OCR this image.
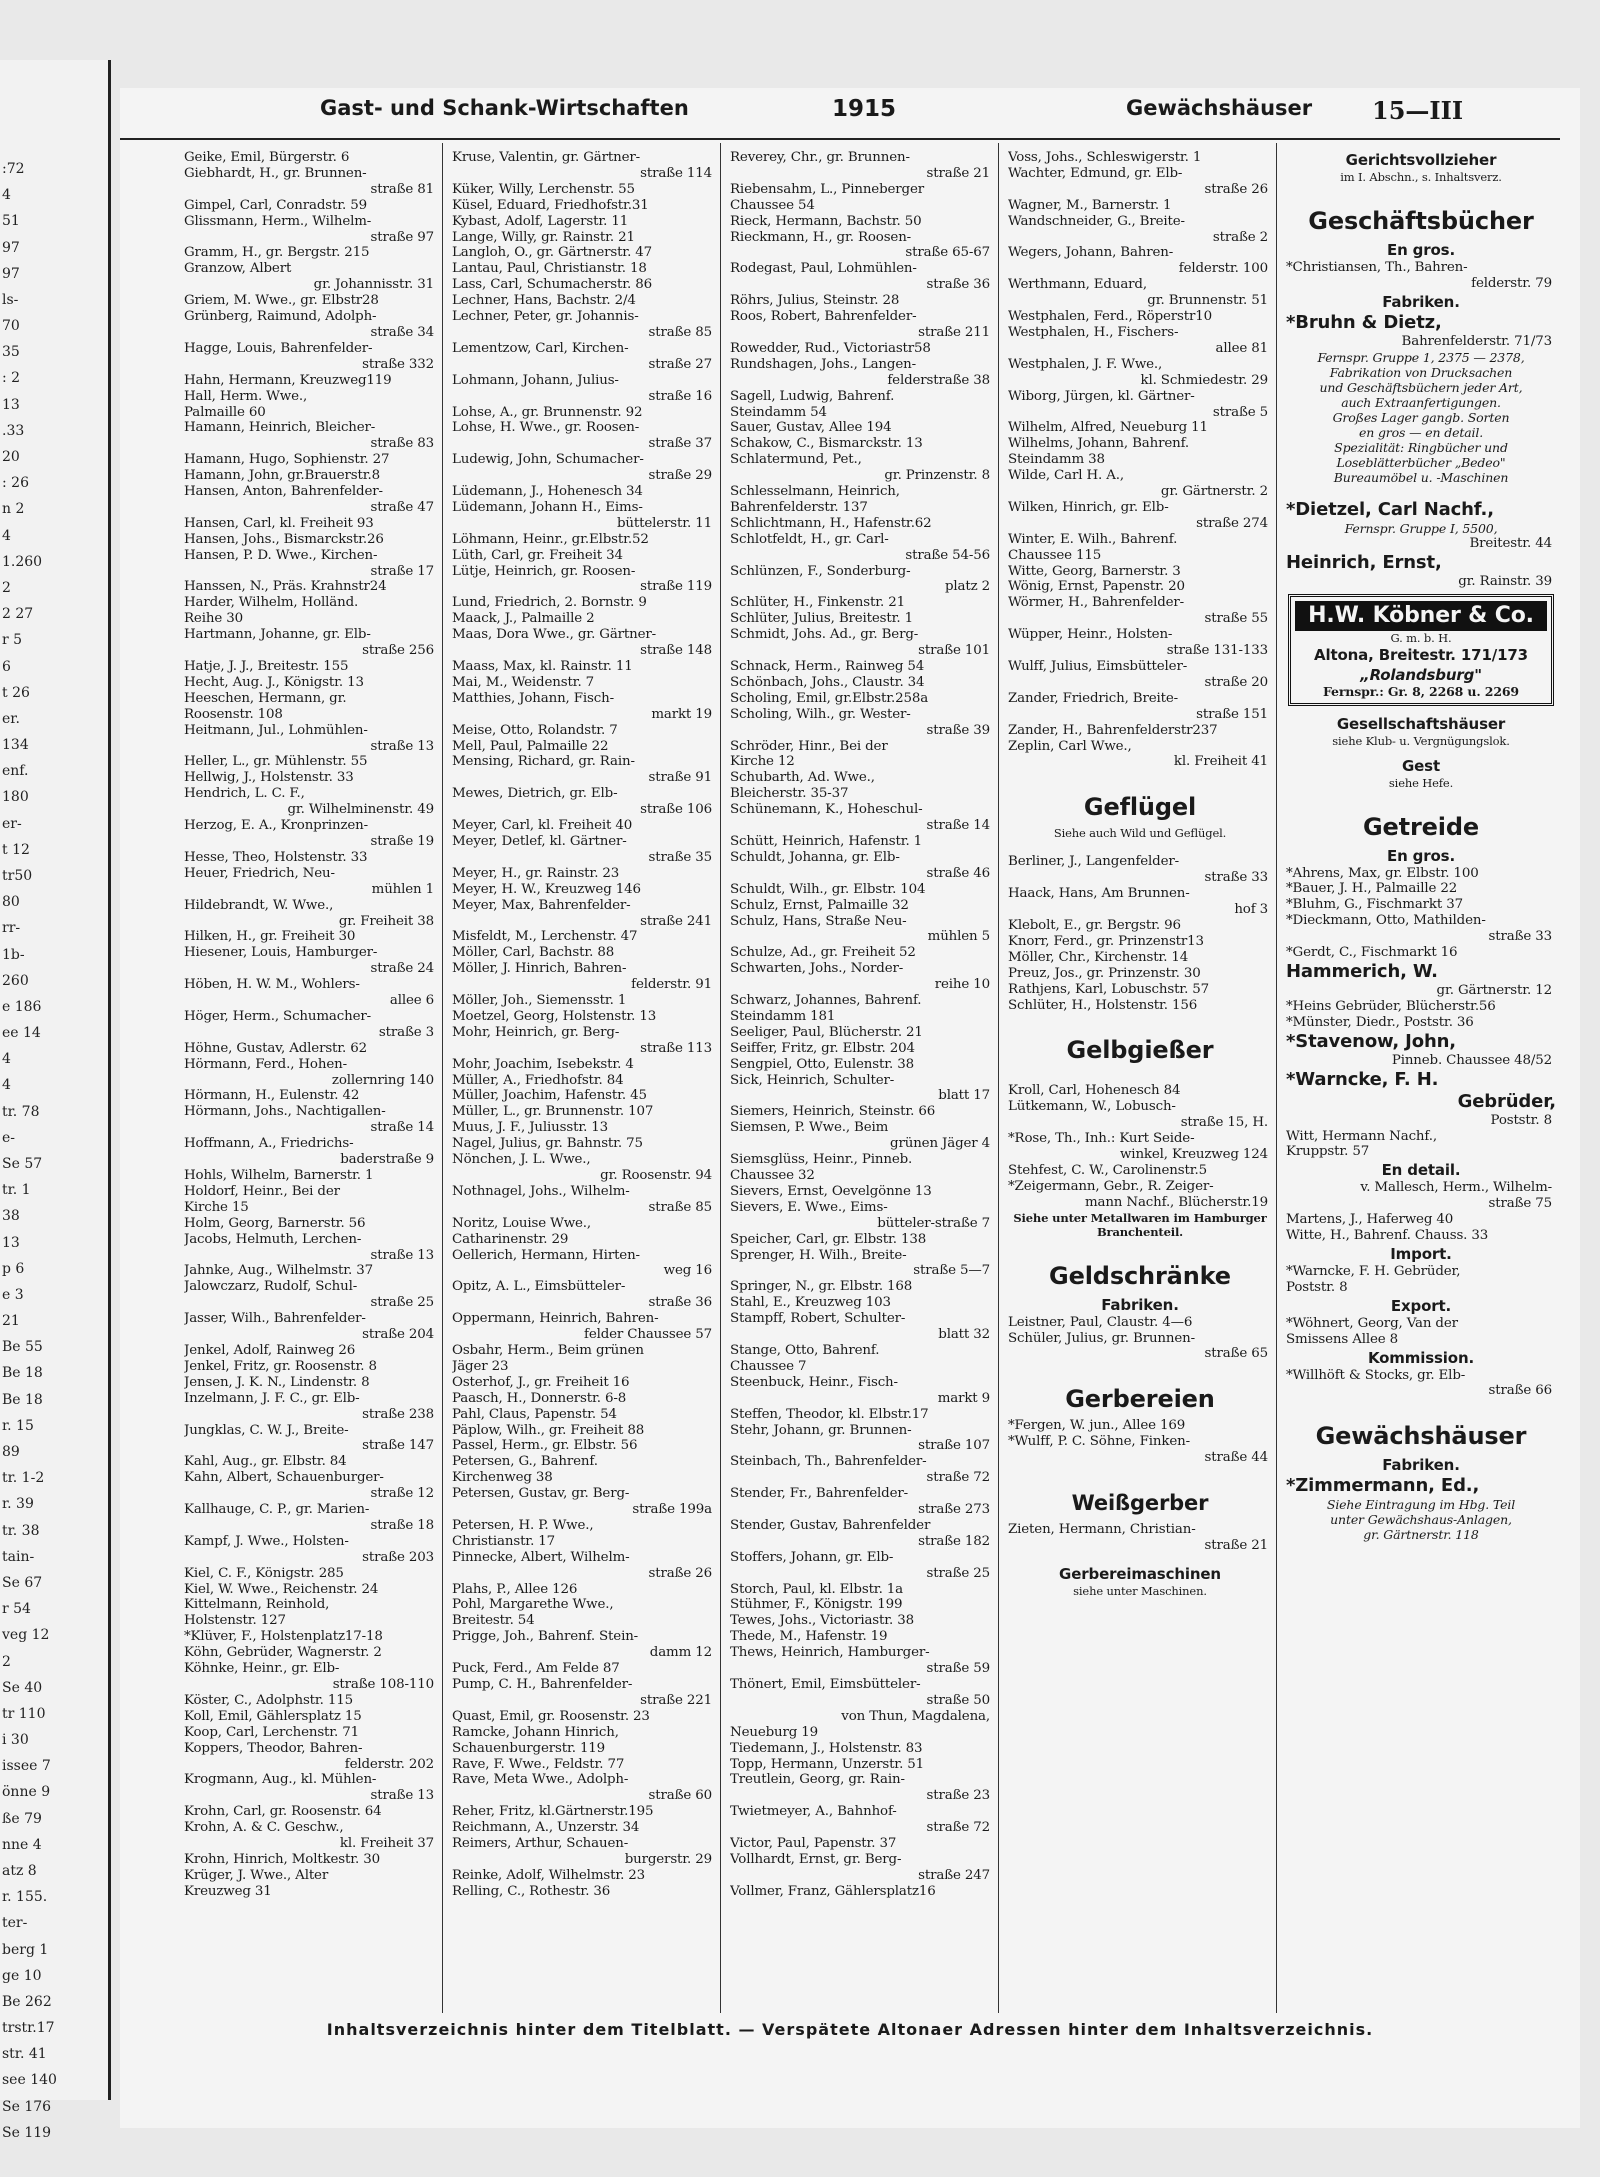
:72
4
51
97
97
ls-
70
35
: 2
13
.33
20
: 26
n 2
4
1.260
2
2 27
r 5
6
t 26
er.
134
enf.
180
er-
t 12
tr50
80
rr-
1b-
260
e 186
ee 14
4
4
tr. 78
e-
Se 57
tr. 1
38
13
p 6
e 3
21
Be 55
Be 18
Be 18
r. 15
89
tr. 1-2
r. 39
tr. 38
tain-
Se 67
r 54
veg 12
2
Se 40
tr 110
i 30
issee 7
önne 9
ße 79
nne 4
atz 8
r. 155.
ter-
berg 1
ge 10
Be 262
trstr.17
str. 41
see 140
Se 176
Se 119
Gast- und Schank-Wirtschaften	1915	Gewächshäuser 15—III
Geike, Emil, Bürgerstr. 6
Giebhardt, H., gr. Brunnen-
straße 81
Gimpel, Carl, Conradstr. 59
Glissmann, Herm., Wilhelm-
straße 97
Gramm, H., gr. Bergstr. 215
Granzow, Albert
gr. Johannisstr. 31
Griem, M. Wwe., gr. Elbstr28
Grünberg, Raimund, Adolph-
straße 34
Hagge, Louis, Bahrenfelder-
straße 332
Hahn, Hermann, Kreuzweg119
Hall, Herm. Wwe.,
Palmaille 60
Hamann, Heinrich, Bleicher-
straße 83
Hamann, Hugo, Sophienstr. 27
Hamann, John, gr.Brauerstr.8
Hansen, Anton, Bahrenfelder-
straße 47
Hansen, Carl, kl. Freiheit 93
Hansen, Johs., Bismarckstr.26
Hansen, P. D. Wwe., Kirchen-
straße 17
Hanssen, N., Präs. Krahnstr24
Harder, Wilhelm, Holländ.
Reihe 30
Hartmann, Johanne, gr. Elb-
straße 256
Hatje, J. J., Breitestr. 155
Hecht, Aug. J., Königstr. 13
Heeschen, Hermann, gr.
Roosenstr. 108
Heitmann, Jul., Lohmühlen-
straße 13
Heller, L., gr. Mühlenstr. 55
Hellwig, J., Holstenstr. 33
Hendrich, L. C. F.,
gr. Wilhelminenstr. 49
Herzog, E. A., Kronprinzen-
straße 19
Hesse, Theo, Holstenstr. 33
Heuer, Friedrich, Neu-
mühlen 1
Hildebrandt, W. Wwe.,
gr. Freiheit 38
Hilken, H., gr. Freiheit 30
Hiesener, Louis, Hamburger-
straße 24
Höben, H. W. M., Wohlers-
allee 6
Höger, Herm., Schumacher-
straße 3
Höhne, Gustav, Adlerstr. 62
Hörmann, Ferd., Hohen-
zollernring 140
Hörmann, H., Eulenstr. 42
Hörmann, Johs., Nachtigallen-
straße 14
Hoffmann, A., Friedrichs-
baderstraße 9
Hohls, Wilhelm, Barnerstr. 1
Holdorf, Heinr., Bei der
Kirche 15
Holm, Georg, Barnerstr. 56
Jacobs, Helmuth, Lerchen-
straße 13
Jahnke, Aug., Wilhelmstr. 37
Jalowczarz, Rudolf, Schul-
straße 25
Jasser, Wilh., Bahrenfelder-
straße 204
Jenkel, Adolf, Rainweg 26
Jenkel, Fritz, gr. Roosenstr. 8
Jensen, J. K. N., Lindenstr. 8
Inzelmann, J. F. C., gr. Elb-
straße 238
Jungklas, C. W. J., Breite-
straße 147
Kahl, Aug., gr. Elbstr. 84
Kahn, Albert, Schauenburger-
straße 12
Kallhauge, C. P., gr. Marien-
straße 18
Kampf, J. Wwe., Holsten-
straße 203
Kiel, C. F., Königstr. 285
Kiel, W. Wwe., Reichenstr. 24
Kittelmann, Reinhold,
Holstenstr. 127
*Klüver, F., Holstenplatz17-18
Köhn, Gebrüder, Wagnerstr. 2
Köhnke, Heinr., gr. Elb-
straße 108-110
Köster, C., Adolphstr. 115
Koll, Emil, Gählersplatz 15
Koop, Carl, Lerchenstr. 71
Koppers, Theodor, Bahren-
felderstr. 202
Krogmann, Aug., kl. Mühlen-
straße 13
Krohn, Carl, gr. Roosenstr. 64
Krohn, A. & C. Geschw.,
kl. Freiheit 37
Krohn, Hinrich, Moltkestr. 30
Krüger, J. Wwe., Alter
Kreuzweg 31
Kruse, Valentin, gr. Gärtner-
straße 114
Küker, Willy, Lerchenstr. 55
Küsel, Eduard, Friedhofstr.31
Kybast, Adolf, Lagerstr. 11
Lange, Willy, gr. Rainstr. 21
Langloh, O., gr. Gärtnerstr. 47
Lantau, Paul, Christianstr. 18
Lass, Carl, Schumacherstr. 86
Lechner, Hans, Bachstr. 2/4
Lechner, Peter, gr. Johannis-
straße 85
Lementzow, Carl, Kirchen-
straße 27
Lohmann, Johann, Julius-
straße 16
Lohse, A., gr. Brunnenstr. 92
Lohse, H. Wwe., gr. Roosen-
straße 37
Ludewig, John, Schumacher-
straße 29
Lüdemann, J., Hohenesch 34
Lüdemann, Johann H., Eims-
büttelerstr. 11
Löhmann, Heinr., gr.Elbstr.52
Lüth, Carl, gr. Freiheit 34
Lütje, Heinrich, gr. Roosen-
straße 119
Lund, Friedrich, 2. Bornstr. 9
Maack, J., Palmaille 2
Maas, Dora Wwe., gr. Gärtner-
straße 148
Maass, Max, kl. Rainstr. 11
Mai, M., Weidenstr. 7
Matthies, Johann, Fisch-
markt 19
Meise, Otto, Rolandstr. 7
Mell, Paul, Palmaille 22
Mensing, Richard, gr. Rain-
straße 91
Mewes, Dietrich, gr. Elb-
straße 106
Meyer, Carl, kl. Freiheit 40
Meyer, Detlef, kl. Gärtner-
straße 35
Meyer, H., gr. Rainstr. 23
Meyer, H. W., Kreuzweg 146
Meyer, Max, Bahrenfelder-
straße 241
Misfeldt, M., Lerchenstr. 47
Möller, Carl, Bachstr. 88
Möller, J. Hinrich, Bahren-
felderstr. 91
Möller, Joh., Siemensstr. 1
Moetzel, Georg, Holstenstr. 13
Mohr, Heinrich, gr. Berg-
straße 113
Mohr, Joachim, Isebekstr. 4
Müller, A., Friedhofstr. 84
Müller, Joachim, Hafenstr. 45
Müller, L., gr. Brunnenstr. 107
Muus, J. F., Juliusstr. 13
Nagel, Julius, gr. Bahnstr. 75
Nönchen, J. L. Wwe.,
gr. Roosenstr. 94
Nothnagel, Johs., Wilhelm-
straße 85
Noritz, Louise Wwe.,
Catharinenstr. 29
Oellerich, Hermann, Hirten-
weg 16
Opitz, A. L., Eimsbütteler-
straße 36
Oppermann, Heinrich, Bahren-
felder Chaussee 57
Osbahr, Herm., Beim grünen
Jäger 23
Osterhof, J., gr. Freiheit 16
Paasch, H., Donnerstr. 6-8
Pahl, Claus, Papenstr. 54
Päplow, Wilh., gr. Freiheit 88
Passel, Herm., gr. Elbstr. 56
Petersen, G., Bahrenf.
Kirchenweg 38
Petersen, Gustav, gr. Berg-
straße 199a
Petersen, H. P. Wwe.,
Christianstr. 17
Pinnecke, Albert, Wilhelm-
straße 26
Plahs, P., Allee 126
Pohl, Margarethe Wwe.,
Breitestr. 54
Prigge, Joh., Bahrenf. Stein-
damm 12
Puck, Ferd., Am Felde 87
Pump, C. H., Bahrenfelder-
straße 221
Quast, Emil, gr. Roosenstr. 23
Ramcke, Johann Hinrich,
Schauenburgerstr. 119
Rave, F. Wwe., Feldstr. 77
Rave, Meta Wwe., Adolph-
straße 60
Reher, Fritz, kl.Gärtnerstr.195
Reichmann, A., Unzerstr. 34
Reimers, Arthur, Schauen-
burgerstr. 29
Reinke, Adolf, Wilhelmstr. 23
Relling, C., Rothestr. 36
Reverey, Chr., gr. Brunnen-
straße 21
Riebensahm, L., Pinneberger
Chaussee 54
Rieck, Hermann, Bachstr. 50
Rieckmann, H., gr. Roosen-
straße 65-67
Rodegast, Paul, Lohmühlen-
straße 36
Röhrs, Julius, Steinstr. 28
Roos, Robert, Bahrenfelder-
straße 211
Rowedder, Rud., Victoriastr58
Rundshagen, Johs., Langen-
felderstraße 38
Sagell, Ludwig, Bahrenf.
Steindamm 54
Sauer, Gustav, Allee 194
Schakow, C., Bismarckstr. 13
Schlatermund, Pet.,
gr. Prinzenstr. 8
Schlesselmann, Heinrich,
Bahrenfelderstr. 137
Schlichtmann, H., Hafenstr.62
Schlotfeldt, H., gr. Carl-
straße 54-56
Schlünzen, F., Sonderburg-
platz 2
Schlüter, H., Finkenstr. 21
Schlüter, Julius, Breitestr. 1
Schmidt, Johs. Ad., gr. Berg-
straße 101
Schnack, Herm., Rainweg 54
Schönbach, Johs., Claustr. 34
Scholing, Emil, gr.Elbstr.258a
Scholing, Wilh., gr. Wester-
straße 39
Schröder, Hinr., Bei der
Kirche 12
Schubarth, Ad. Wwe.,
Bleicherstr. 35-37
Schünemann, K., Hoheschul-
straße 14
Schütt, Heinrich, Hafenstr. 1
Schuldt, Johanna, gr. Elb-
straße 46
Schuldt, Wilh., gr. Elbstr. 104
Schulz, Ernst, Palmaille 32
Schulz, Hans, Straße Neu-
mühlen 5
Schulze, Ad., gr. Freiheit 52
Schwarten, Johs., Norder-
reihe 10
Schwarz, Johannes, Bahrenf.
Steindamm 181
Seeliger, Paul, Blücherstr. 21
Seiffer, Fritz, gr. Elbstr. 204
Sengpiel, Otto, Eulenstr. 38
Sick, Heinrich, Schulter-
blatt 17
Siemers, Heinrich, Steinstr. 66
Siemsen, P. Wwe., Beim
grünen Jäger 4
Siemsglüss, Heinr., Pinneb.
Chaussee 32
Sievers, Ernst, Oevelgönne 13
Sievers, E. Wwe., Eims-
bütteler-straße 7
Speicher, Carl, gr. Elbstr. 138
Sprenger, H. Wilh., Breite-
straße 5—7
Springer, N., gr. Elbstr. 168
Stahl, E., Kreuzweg 103
Stampff, Robert, Schulter-
blatt 32
Stange, Otto, Bahrenf.
Chaussee 7
Steenbuck, Heinr., Fisch-
markt 9
Steffen, Theodor, kl. Elbstr.17
Stehr, Johann, gr. Brunnen-
straße 107
Steinbach, Th., Bahrenfelder-
straße 72
Stender, Fr., Bahrenfelder-
straße 273
Stender, Gustav, Bahrenfelder
straße 182
Stoffers, Johann, gr. Elb-
straße 25
Storch, Paul, kl. Elbstr. 1a
Stühmer, F., Königstr. 199
Tewes, Johs., Victoriastr. 38
Thede, M., Hafenstr. 19
Thews, Heinrich, Hamburger-
straße 59
Thönert, Emil, Eimsbütteler-
straße 50
von Thun, Magdalena,
Neueburg 19
Tiedemann, J., Holstenstr. 83
Topp, Hermann, Unzerstr. 51
Treutlein, Georg, gr. Rain-
straße 23
Twietmeyer, A., Bahnhof-
straße 72
Victor, Paul, Papenstr. 37
Vollhardt, Ernst, gr. Berg-
straße 247
Vollmer, Franz, Gählersplatz16
Voss, Johs., Schleswigerstr. 1
Wachter, Edmund, gr. Elb-
straße 26
Wagner, M., Barnerstr. 1
Wandschneider, G., Breite-
straße 2
Wegers, Johann, Bahren-
felderstr. 100
Werthmann, Eduard,
gr. Brunnenstr. 51
Westphalen, Ferd., Röperstr10
Westphalen, H., Fischers-
allee 81
Westphalen, J. F. Wwe.,
kl. Schmiedestr. 29
Wiborg, Jürgen, kl. Gärtner-
straße 5
Wilhelm, Alfred, Neueburg 11
Wilhelms, Johann, Bahrenf.
Steindamm 38
Wilde, Carl H. A.,
gr. Gärtnerstr. 2
Wilken, Hinrich, gr. Elb-
straße 274
Winter, E. Wilh., Bahrenf.
Chaussee 115
Witte, Georg, Barnerstr. 3
Wönig, Ernst, Papenstr. 20
Wörmer, H., Bahrenfelder-
straße 55
Wüpper, Heinr., Holsten-
straße 131-133
Wulff, Julius, Eimsbütteler-
straße 20
Zander, Friedrich, Breite-
straße 151
Zander, H., Bahrenfelderstr237
Zeplin, Carl Wwe.,
kl. Freiheit 41
Geflügel
Siehe auch Wild und Geflügel.
Berliner, J., Langenfelder-
straße 33
Haack, Hans, Am Brunnen-
hof 3
Klebolt, E., gr. Bergstr. 96
Knorr, Ferd., gr. Prinzenstr13
Möller, Chr., Kirchenstr. 14
Preuz, Jos., gr. Prinzenstr. 30
Rathjens, Karl, Lobuschstr. 57
Schlüter, H., Holstenstr. 156
Gelbgießer
Kroll, Carl, Hohenesch 84
Lütkemann, W., Lobusch-
straße 15, H.
*Rose, Th., Inh.: Kurt Seide-
winkel, Kreuzweg 124
Stehfest, C. W., Carolinenstr.5
*Zeigermann, Gebr., R. Zeiger-
mann Nachf., Blücherstr.19
Siehe unter Metallwaren im Hamburger Branchenteil.
Geldschränke
Fabriken.
Leistner, Paul, Claustr. 4—6
Schüler, Julius, gr. Brunnen-
straße 65
Gerbereien
*Fergen, W. jun., Allee 169
*Wulff, P. C. Söhne, Finken-
straße 44
Weißgerber
Zieten, Hermann, Christian-
straße 21
Gerbereimaschinen
siehe unter Maschinen.
Gerichtsvollzieher
im I. Abschn., s. Inhaltsverz.
Geschäftsbücher
En gros.
*Christiansen, Th., Bahren-
felderstr. 79
Fabriken.
*Bruhn & Dietz,
Bahrenfelderstr. 71/73
Fernspr. Gruppe 1, 2375 — 2378,
Fabrikation von Drucksachen
und Geschäftsbüchern jeder Art,
auch Extraanfertigungen.
Großes Lager gangb. Sorten
en gros — en detail.
Spezialität: Ringbücher und
Loseblätterbücher „Bedeo"
Bureaumöbel u. -Maschinen
*Dietzel, Carl Nachf.,
Fernspr. Gruppe I, 5500,
Breitestr. 44
Heinrich, Ernst,
gr. Rainstr. 39
H.W. Köbner & Co.
G. m. b. H.
Altona, Breitestr. 171/173
„Rolandsburg"
Fernspr.: Gr. 8, 2268 u. 2269
Gesellschaftshäuser
siehe Klub- u. Vergnügungslok.
Gest
siehe Hefe.
Getreide
En gros.
*Ahrens, Max, gr. Elbstr. 100
*Bauer, J. H., Palmaille 22
*Bluhm, G., Fischmarkt 37
*Dieckmann, Otto, Mathilden-
straße 33
*Gerdt, C., Fischmarkt 16
Hammerich, W.
gr. Gärtnerstr. 12
*Heins Gebrüder, Blücherstr.56
*Münster, Diedr., Poststr. 36
*Stavenow, John,
Pinneb. Chaussee 48/52
*Warncke, F. H.
Gebrüder,
Poststr. 8
Witt, Hermann Nachf.,
Kruppstr. 57
En detail.
v. Mallesch, Herm., Wilhelm-
straße 75
Martens, J., Haferweg 40
Witte, H., Bahrenf. Chauss. 33
Import.
*Warncke, F. H. Gebrüder,
Poststr. 8
Export.
*Wöhnert, Georg, Van der
Smissens Allee 8
Kommission.
*Willhöft & Stocks, gr. Elb-
straße 66
Gewächshäuser
Fabriken.
*Zimmermann, Ed.,
Siehe Eintragung im Hbg. Teil
unter Gewächshaus-Anlagen,
gr. Gärtnerstr. 118
Inhaltsverzeichnis hinter dem Titelblatt. — Verspätete Altonaer Adressen hinter dem Inhaltsverzeichnis.
